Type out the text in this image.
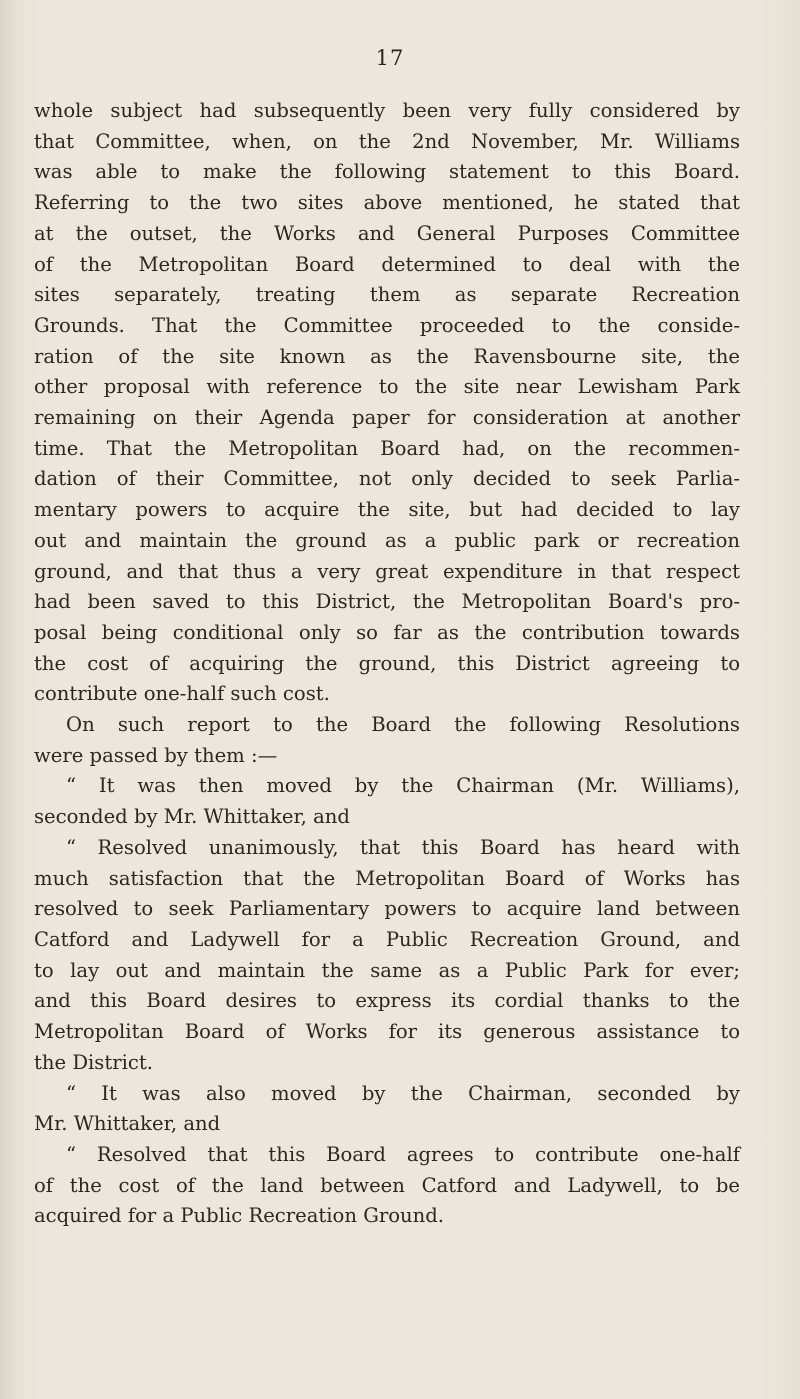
17
whole subject had subsequently been very fully considered by
that Committee, when, on the 2nd November, Mr. Williams
was able to make the following statement to this Board.
Referring to the two sites above mentioned, he stated that
at the outset, the Works and General Purposes Committee
of the Metropolitan Board determined to deal with the
sites separately, treating them as separate Recreation
Grounds. That the Committee proceeded to the conside-
ration of the site known as the Ravensbourne site, the
other proposal with reference to the site near Lewisham Park
remaining on their Agenda paper for consideration at another
time. That the Metropolitan Board had, on the recommen-
dation of their Committee, not only decided to seek Parlia-
mentary powers to acquire the site, but had decided to lay
out and maintain the ground as a public park or recreation
ground, and that thus a very great expenditure in that respect
had been saved to this District, the Metropolitan Board's pro-
posal being conditional only so far as the contribution towards
the cost of acquiring the ground, this District agreeing to
contribute one-half such cost.
On such report to the Board the following Resolutions
were passed by them :—
“ It was then moved by the Chairman (Mr. Williams),
seconded by Mr. Whittaker, and
“ Resolved unanimously, that this Board has heard with
much satisfaction that the Metropolitan Board of Works has
resolved to seek Parliamentary powers to acquire land between
Catford and Ladywell for a Public Recreation Ground, and
to lay out and maintain the same as a Public Park for ever;
and this Board desires to express its cordial thanks to the
Metropolitan Board of Works for its generous assistance to
the District.
“ It was also moved by the Chairman, seconded by
Mr. Whittaker, and
“ Resolved that this Board agrees to contribute one-half
of the cost of the land between Catford and Ladywell, to be
acquired for a Public Recreation Ground.
